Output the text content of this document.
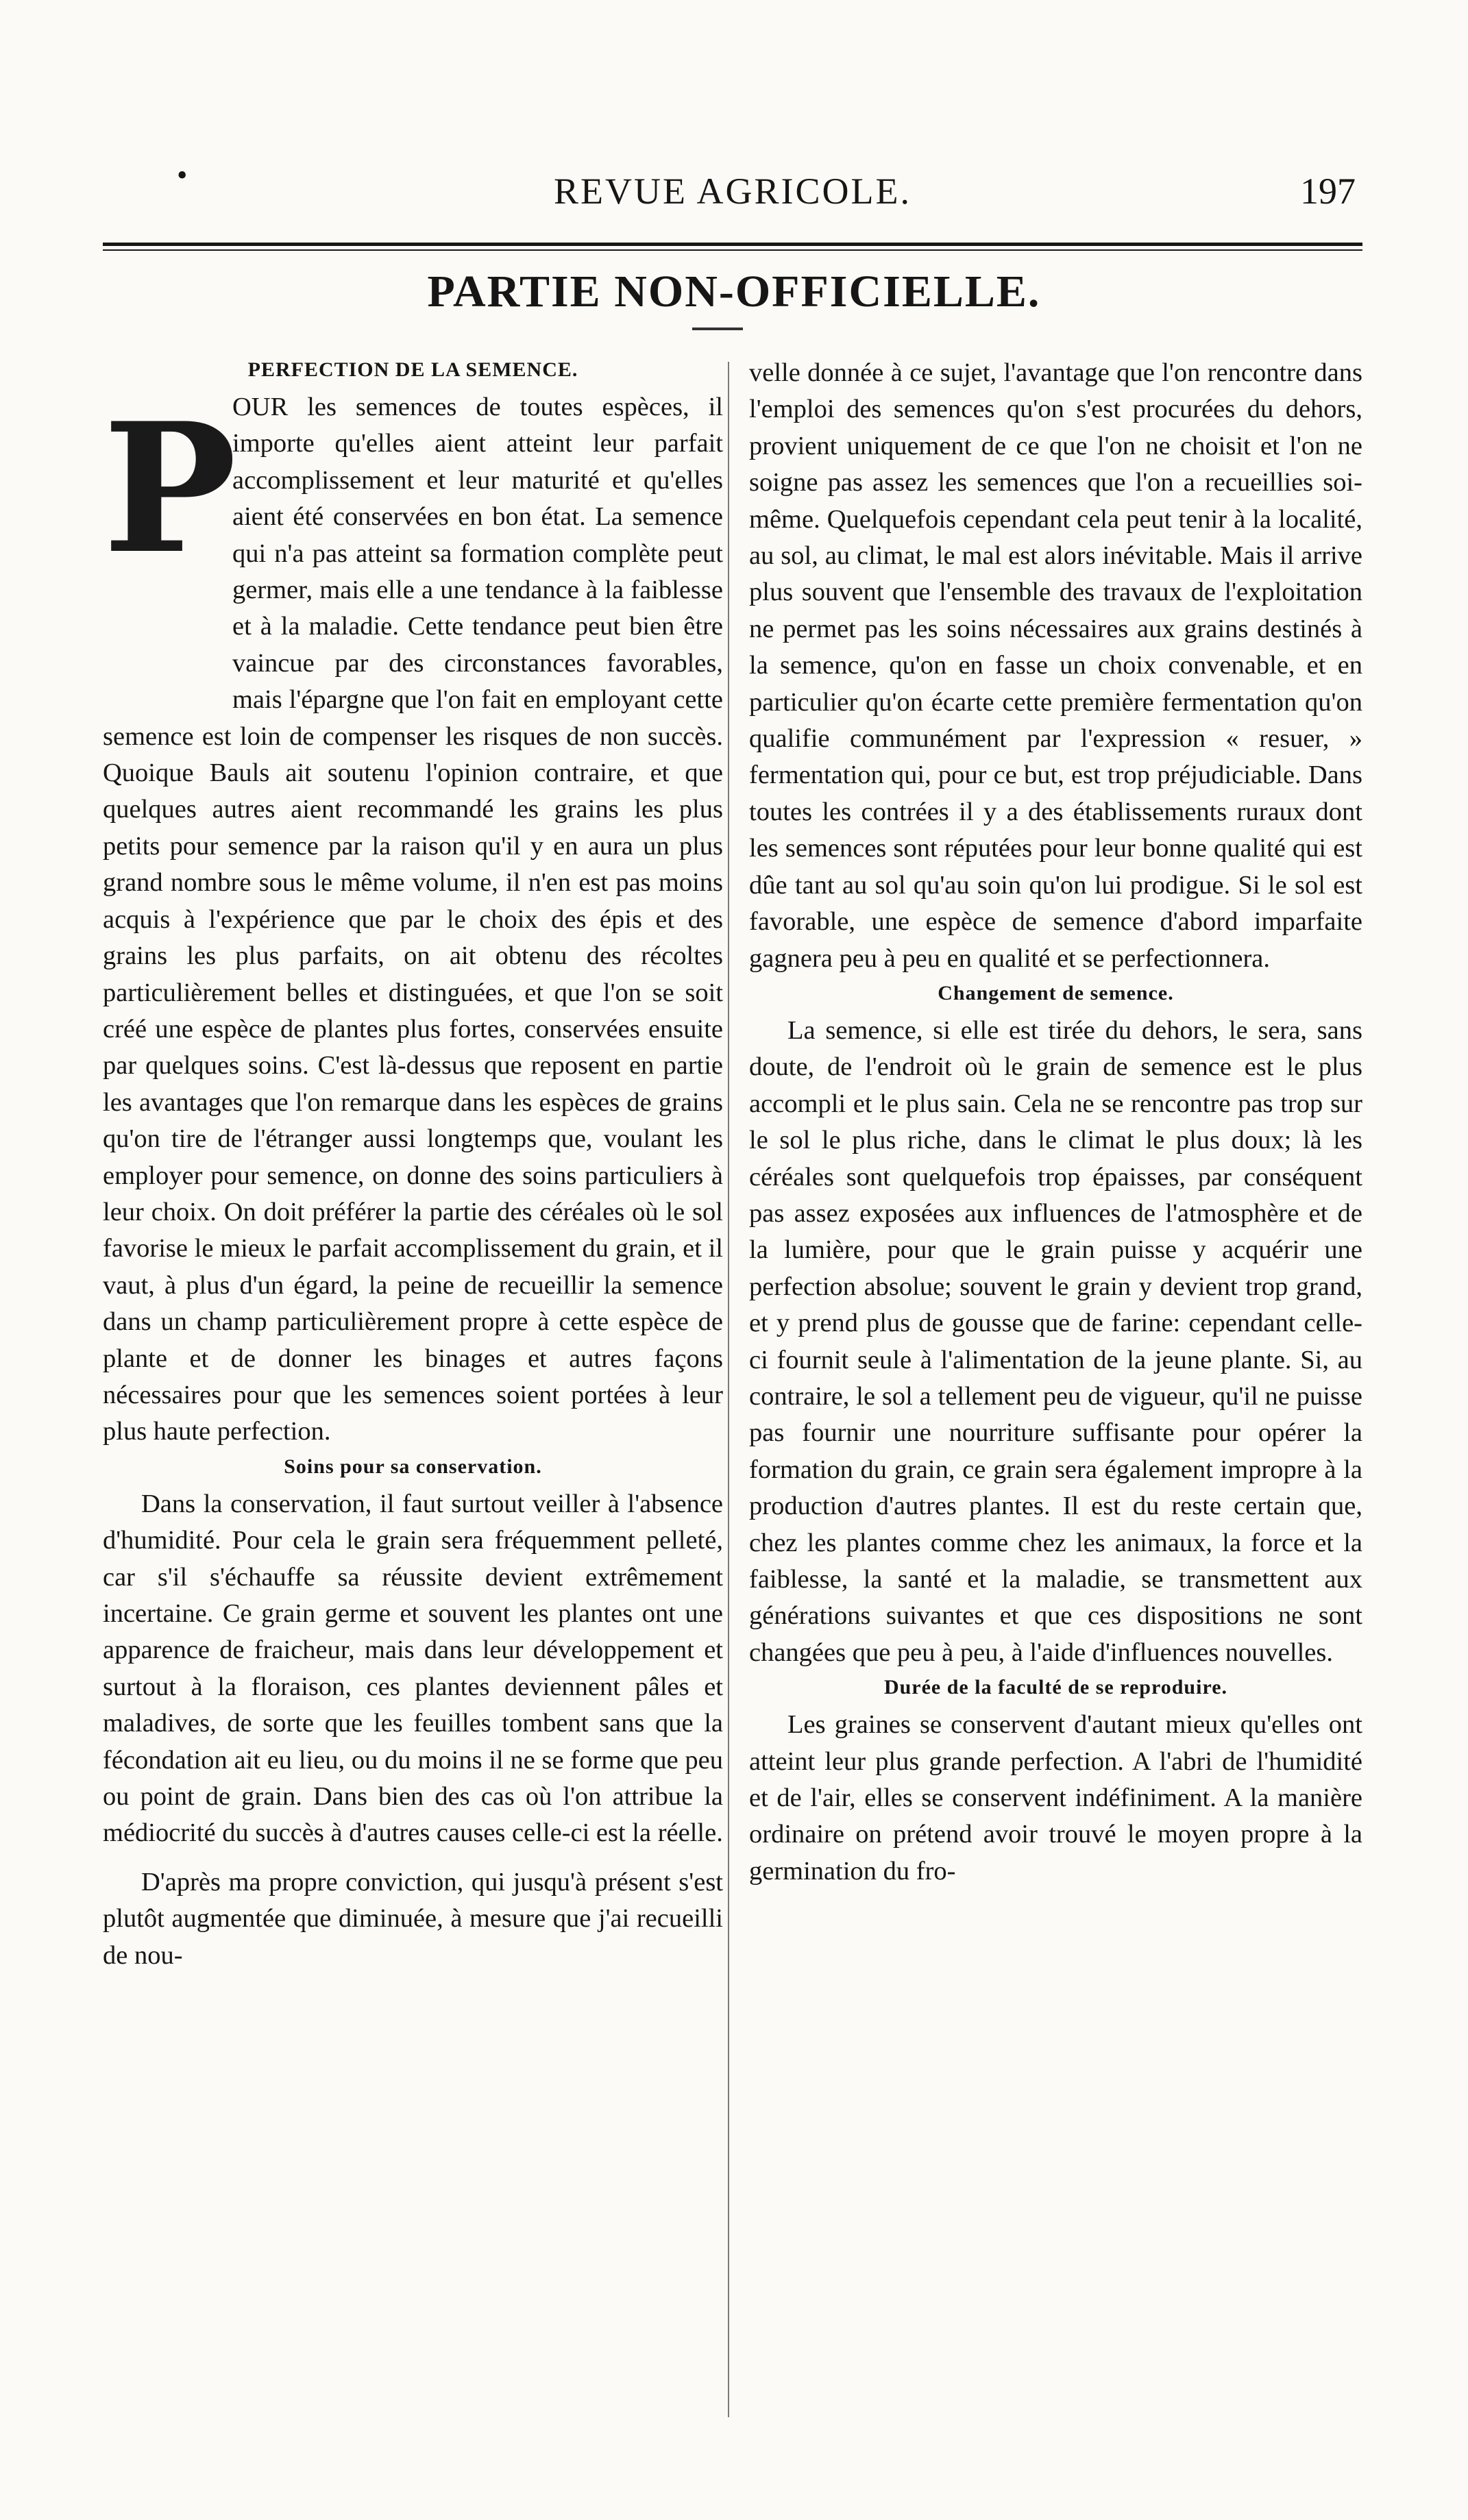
•	REVUE AGRICOLE.	197
PARTIE NON-OFFICIELLE.
PERFECTION DE LA SEMENCE.

P
OUR les semences de toutes espèces, il importe qu'elles aient atteint leur parfait accomplissement et leur maturité et qu'elles aient été conservées en bon état. La semence qui n'a pas atteint sa formation complète peut germer, mais elle a une tendance à la faiblesse et à la maladie. Cette tendance peut bien être vaincue par des circonstances favorables, mais l'épargne que l'on fait en employant cette semence est loin de compenser les risques de non succès. Quoique Bauls ait soutenu l'opinion contraire, et que quelques autres aient recommandé les grains les plus petits pour semence par la raison qu'il y en aura un plus grand nombre sous le même volume, il n'en est pas moins acquis à l'expérience que par le choix des épis et des grains les plus parfaits, on ait obtenu des récoltes particulièrement belles et distinguées, et que l'on se soit créé une espèce de plantes plus fortes, conservées ensuite par quelques soins. C'est là-dessus que reposent en partie les avantages que l'on remarque dans les espèces de grains qu'on tire de l'étranger aussi longtemps que, voulant les employer pour semence, on donne des soins particuliers à leur choix. On doit préférer la partie des céréales où le sol favorise le mieux le parfait accomplissement du grain, et il vaut, à plus d'un égard, la peine de recueillir la semence dans un champ particulièrement propre à cette espèce de plante et de donner les binages et autres façons nécessaires pour que les semences soient portées à leur plus haute perfection.

Soins pour sa conservation.

Dans la conservation, il faut surtout veiller à l'absence d'humidité. Pour cela le grain sera fréquemment pelleté, car s'il s'échauffe sa réussite devient extrêmement incertaine. Ce grain germe et souvent les plantes ont une apparence de fraicheur, mais dans leur développement et surtout à la floraison, ces plantes deviennent pâles et maladives, de sorte que les feuilles tombent sans que la fécondation ait eu lieu, ou du moins il ne se forme que peu ou point de grain. Dans bien des cas où l'on attribue la médiocrité du succès à d'autres causes celle-ci est la réelle.

D'après ma propre conviction, qui jusqu'à présent s'est plutôt augmentée que diminuée, à mesure que j'ai recueilli de nou-

velle donnée à ce sujet, l'avantage que l'on rencontre dans l'emploi des semences qu'on s'est procurées du dehors, provient uniquement de ce que l'on ne choisit et l'on ne soigne pas assez les semences que l'on a recueillies soi-même. Quelquefois cependant cela peut tenir à la localité, au sol, au climat, le mal est alors inévitable. Mais il arrive plus souvent que l'ensemble des travaux de l'exploitation ne permet pas les soins nécessaires aux grains destinés à la semence, qu'on en fasse un choix convenable, et en particulier qu'on écarte cette première fermentation qu'on qualifie communément par l'expression « resuer, » fermentation qui, pour ce but, est trop préjudiciable. Dans toutes les contrées il y a des établissements ruraux dont les semences sont réputées pour leur bonne qualité qui est dûe tant au sol qu'au soin qu'on lui prodigue. Si le sol est favorable, une espèce de semence d'abord imparfaite gagnera peu à peu en qualité et se perfectionnera.

Changement de semence.

La semence, si elle est tirée du dehors, le sera, sans doute, de l'endroit où le grain de semence est le plus accompli et le plus sain. Cela ne se rencontre pas trop sur le sol le plus riche, dans le climat le plus doux; là les céréales sont quelquefois trop épaisses, par conséquent pas assez exposées aux influences de l'atmosphère et de la lumière, pour que le grain puisse y acquérir une perfection absolue; souvent le grain y devient trop grand, et y prend plus de gousse que de farine: cependant celle-ci fournit seule à l'alimentation de la jeune plante. Si, au contraire, le sol a tellement peu de vigueur, qu'il ne puisse pas fournir une nourriture suffisante pour opérer la formation du grain, ce grain sera également impropre à la production d'autres plantes. Il est du reste certain que, chez les plantes comme chez les animaux, la force et la faiblesse, la santé et la maladie, se transmettent aux générations suivantes et que ces dispositions ne sont changées que peu à peu, à l'aide d'influences nouvelles.

Durée de la faculté de se reproduire.

Les graines se conservent d'autant mieux qu'elles ont atteint leur plus grande perfection. A l'abri de l'humidité et de l'air, elles se conservent indéfiniment. A la manière ordinaire on prétend avoir trouvé le moyen propre à la germination du fro-
